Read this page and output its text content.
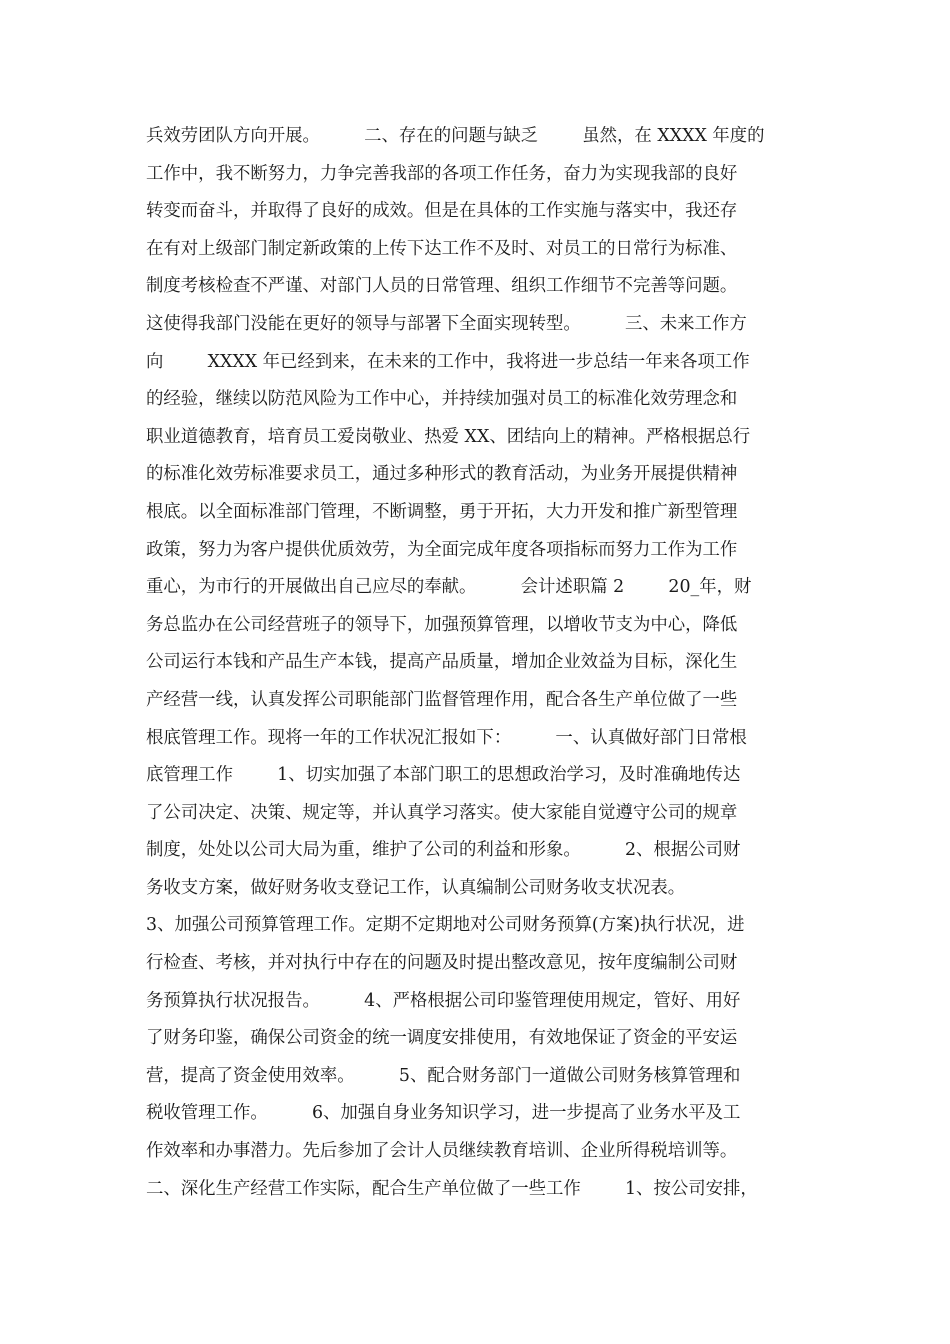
兵效劳团队方向开展。        二、存在的问题与缺乏        虽然，在 XXXX 年度的
工作中，我不断努力，力争完善我部的各项工作任务，奋力为实现我部的良好
转变而奋斗，并取得了良好的成效。但是在具体的工作实施与落实中，我还存
在有对上级部门制定新政策的上传下达工作不及时、对员工的日常行为标准、
制度考核检查不严谨、对部门人员的日常管理、组织工作细节不完善等问题。
这使得我部门没能在更好的领导与部署下全面实现转型。        三、未来工作方
向        XXXX 年已经到来，在未来的工作中，我将进一步总结一年来各项工作
的经验，继续以防范风险为工作中心，并持续加强对员工的标准化效劳理念和
职业道德教育，培育员工爱岗敬业、热爱 XX、团结向上的精神。严格根据总行
的标准化效劳标准要求员工，通过多种形式的教育活动，为业务开展提供精神
根底。以全面标准部门管理，不断调整，勇于开拓，大力开发和推广新型管理
政策，努力为客户提供优质效劳，为全面完成年度各项指标而努力工作为工作
重心，为市行的开展做出自己应尽的奉献。        会计述职篇 2        20_年，财
务总监办在公司经营班子的领导下，加强预算管理，以增收节支为中心，降低
公司运行本钱和产品生产本钱，提高产品质量，增加企业效益为目标，深化生
产经营一线，认真发挥公司职能部门监督管理作用，配合各生产单位做了一些
根底管理工作。现将一年的工作状况汇报如下：        一、认真做好部门日常根
底管理工作        1、切实加强了本部门职工的思想政治学习，及时准确地传达
了公司决定、决策、规定等，并认真学习落实。使大家能自觉遵守公司的规章
制度，处处以公司大局为重，维护了公司的利益和形象。        2、根据公司财
务收支方案，做好财务收支登记工作，认真编制公司财务收支状况表。
3、加强公司预算管理工作。定期不定期地对公司财务预算(方案)执行状况，进
行检查、考核，并对执行中存在的问题及时提出整改意见，按年度编制公司财
务预算执行状况报告。        4、严格根据公司印鉴管理使用规定，管好、用好
了财务印鉴，确保公司资金的统一调度安排使用，有效地保证了资金的平安运
营，提高了资金使用效率。        5、配合财务部门一道做公司财务核算管理和
税收管理工作。        6、加强自身业务知识学习，进一步提高了业务水平及工
作效率和办事潜力。先后参加了会计人员继续教育培训、企业所得税培训等。
二、深化生产经营工作实际，配合生产单位做了一些工作        1、按公司安排，
